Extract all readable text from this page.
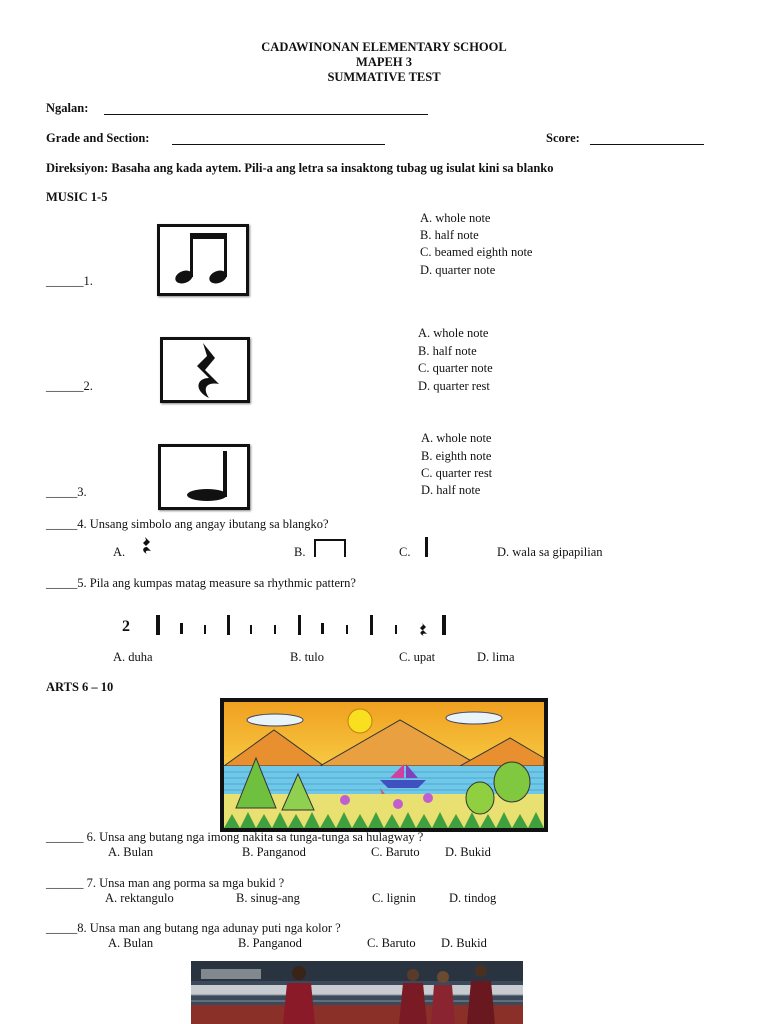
CADAWINONAN ELEMENTARY SCHOOL
MAPEH 3
SUMMATIVE TEST
Ngalan:
Grade and Section:	Score:
Direksiyon: Basaha ang kada aytem. Pili-a ang letra sa insaktong tubag ug isulat kini sa blanko
MUSIC 1-5
______1.
A. whole note
B. half note
C. beamed eighth note
D. quarter note
______2.
A. whole note
B. half note
C. quarter note
D. quarter rest
_____3.
A. whole note
B. eighth note
C. quarter rest
D. half note
_____4. Unsang simbolo ang angay ibutang sa blangko?
A.	B.	C.	D. wala sa gipapilian
_____5. Pila ang kumpas matag measure sa rhythmic pattern?
2
A. duha	B. tulo	C. upat	D. lima
ARTS 6 – 10
______ 6. Unsa ang butang nga imong nakita sa tunga-tunga sa hulagway ?
A. Bulan	B. Panganod	C. Baruto D. Bukid
______ 7. Unsa man ang porma sa mga bukid ?
A. rektangulo	B. sinug-ang	C. lignin	D. tindog
_____8. Unsa man ang butang nga adunay puti nga kolor ?
A. Bulan	B. Panganod	C. Baruto D. Bukid
